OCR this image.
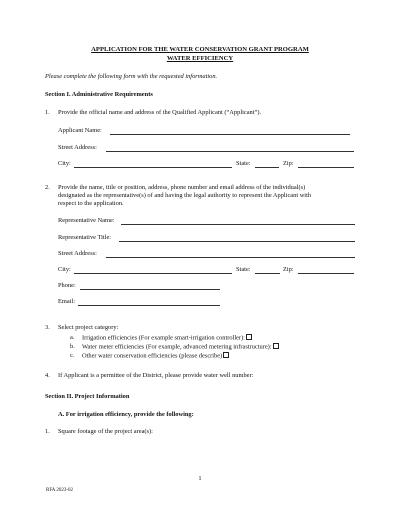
APPLICATION FOR THE WATER CONSERVATION GRANT PROGRAM
WATER EFFICIENCY
Please complete the following form with the requested information.
Section I. Administrative Requirements
1. Provide the official name and address of the Qualified Applicant (“Applicant”).
Applicant Name:
Street Address:
City:	State:	Zip:
2. Provide the name, title or position, address, phone number and email address of the individual(s)
designated as the representative(s) of and having the legal authority to represent the Applicant with
respect to the application.
Representative Name:
Representative Title:
Street Address:
City:	State:	Zip:
Phone:
Email:
3. Select project category:
a. Irrigation efficiencies (For example smart-irrigation controller):
b. Water meter efficiencies (For example, advanced metering infrastructure):
c. Other water conservation efficiencies (please describe)
4. If Applicant is a permittee of the District, please provide water well number:
Section II. Project Information
A. For irrigation efficiency, provide the following:
1. Square footage of the project area(s):
1
RFA 2023-02
